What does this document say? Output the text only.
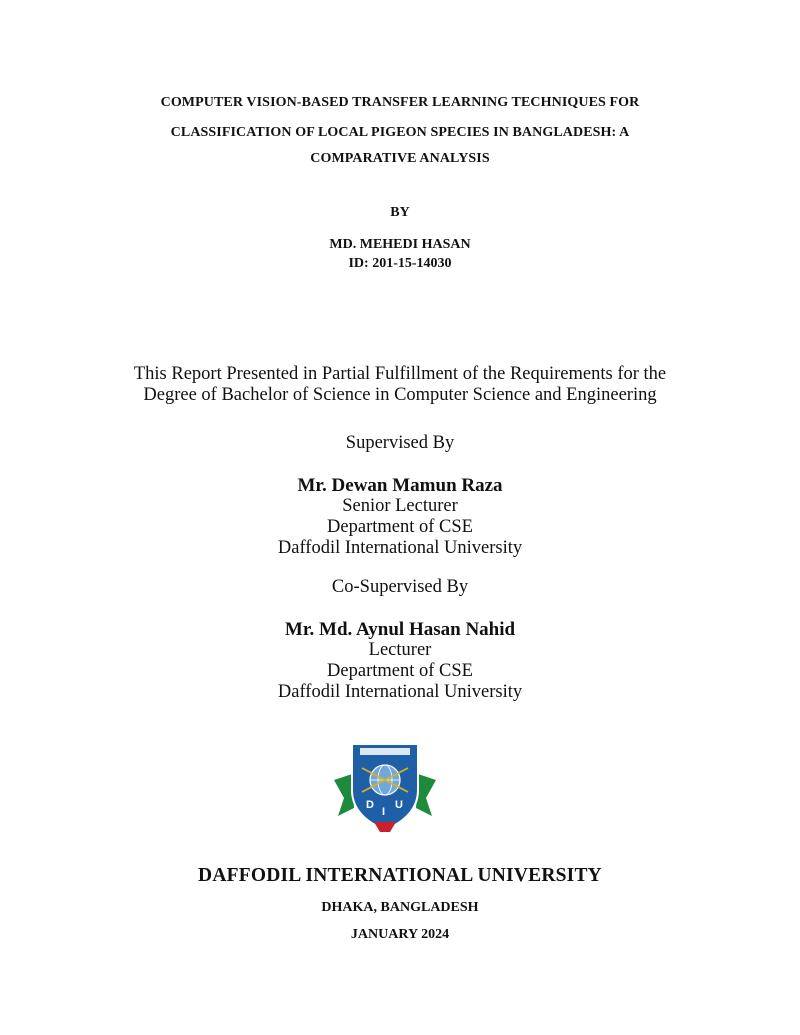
COMPUTER VISION-BASED TRANSFER LEARNING TECHNIQUES FOR
CLASSIFICATION OF LOCAL PIGEON SPECIES IN BANGLADESH: A
COMPARATIVE ANALYSIS
BY
MD. MEHEDI HASAN
ID: 201-15-14030
This Report Presented in Partial Fulfillment of the Requirements for the
Degree of Bachelor of Science in Computer Science and Engineering
Supervised By
Mr. Dewan Mamun Raza
Senior Lecturer
Department of CSE
Daffodil International University
Co-Supervised By
Mr. Md. Aynul Hasan Nahid
Lecturer
Department of CSE
Daffodil International University
D
I
U
DAFFODIL INTERNATIONAL UNIVERSITY
DHAKA, BANGLADESH
JANUARY 2024
